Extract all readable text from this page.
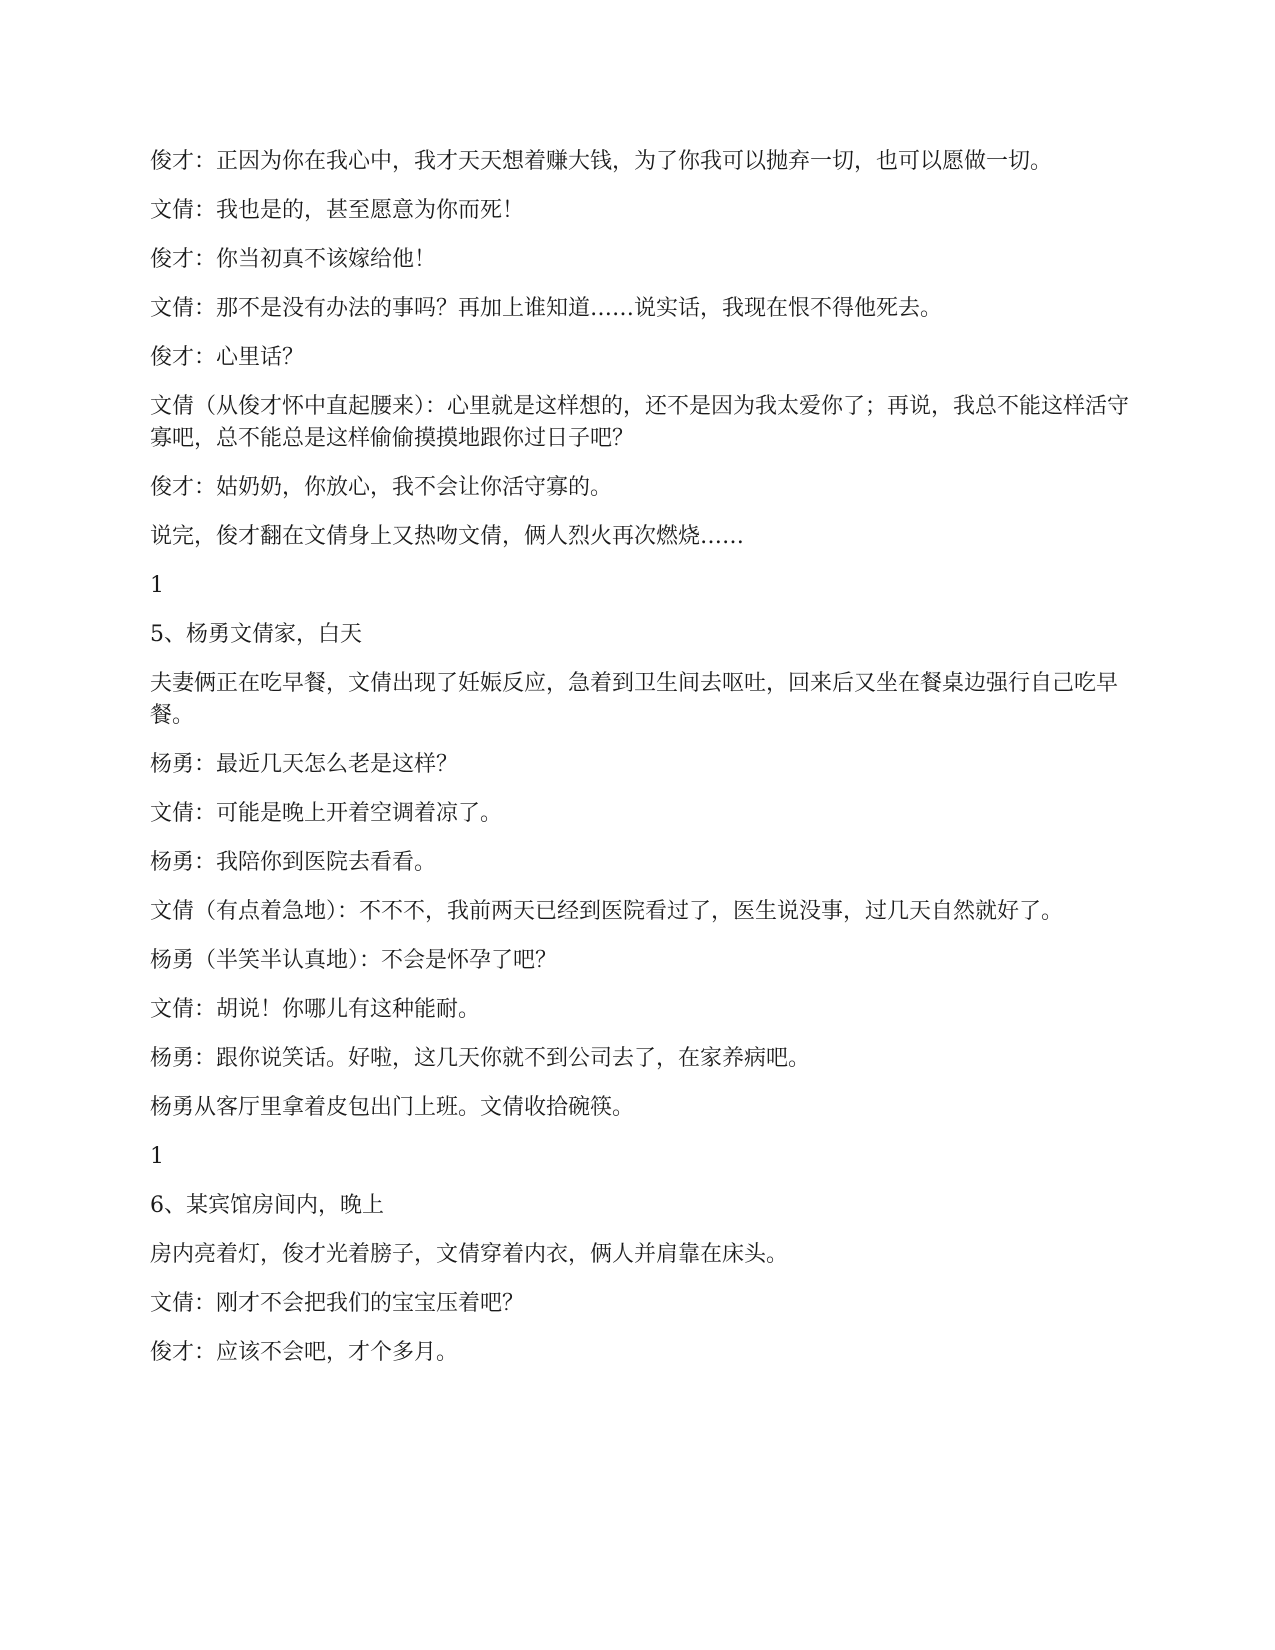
俊才：正因为你在我心中，我才天天想着赚大钱，为了你我可以抛弃一切，也可以愿做一切。

文倩：我也是的，甚至愿意为你而死！

俊才：你当初真不该嫁给他！

文倩：那不是没有办法的事吗？再加上谁知道……说实话，我现在恨不得他死去。

俊才：心里话？

文倩（从俊才怀中直起腰来）：心里就是这样想的，还不是因为我太爱你了；再说，我总不能这样活守寡吧，总不能总是这样偷偷摸摸地跟你过日子吧？

俊才：姑奶奶，你放心，我不会让你活守寡的。

说完，俊才翻在文倩身上又热吻文倩，俩人烈火再次燃烧……

1

5、杨勇文倩家，白天

夫妻俩正在吃早餐，文倩出现了妊娠反应，急着到卫生间去呕吐，回来后又坐在餐桌边强行自己吃早餐。

杨勇：最近几天怎么老是这样？

文倩：可能是晚上开着空调着凉了。

杨勇：我陪你到医院去看看。

文倩（有点着急地）：不不不，我前两天已经到医院看过了，医生说没事，过几天自然就好了。

杨勇（半笑半认真地）：不会是怀孕了吧？

文倩：胡说！你哪儿有这种能耐。

杨勇：跟你说笑话。好啦，这几天你就不到公司去了，在家养病吧。

杨勇从客厅里拿着皮包出门上班。文倩收拾碗筷。

1

6、某宾馆房间内，晚上

房内亮着灯，俊才光着膀子，文倩穿着内衣，俩人并肩靠在床头。

文倩：刚才不会把我们的宝宝压着吧？

俊才：应该不会吧，才个多月。
